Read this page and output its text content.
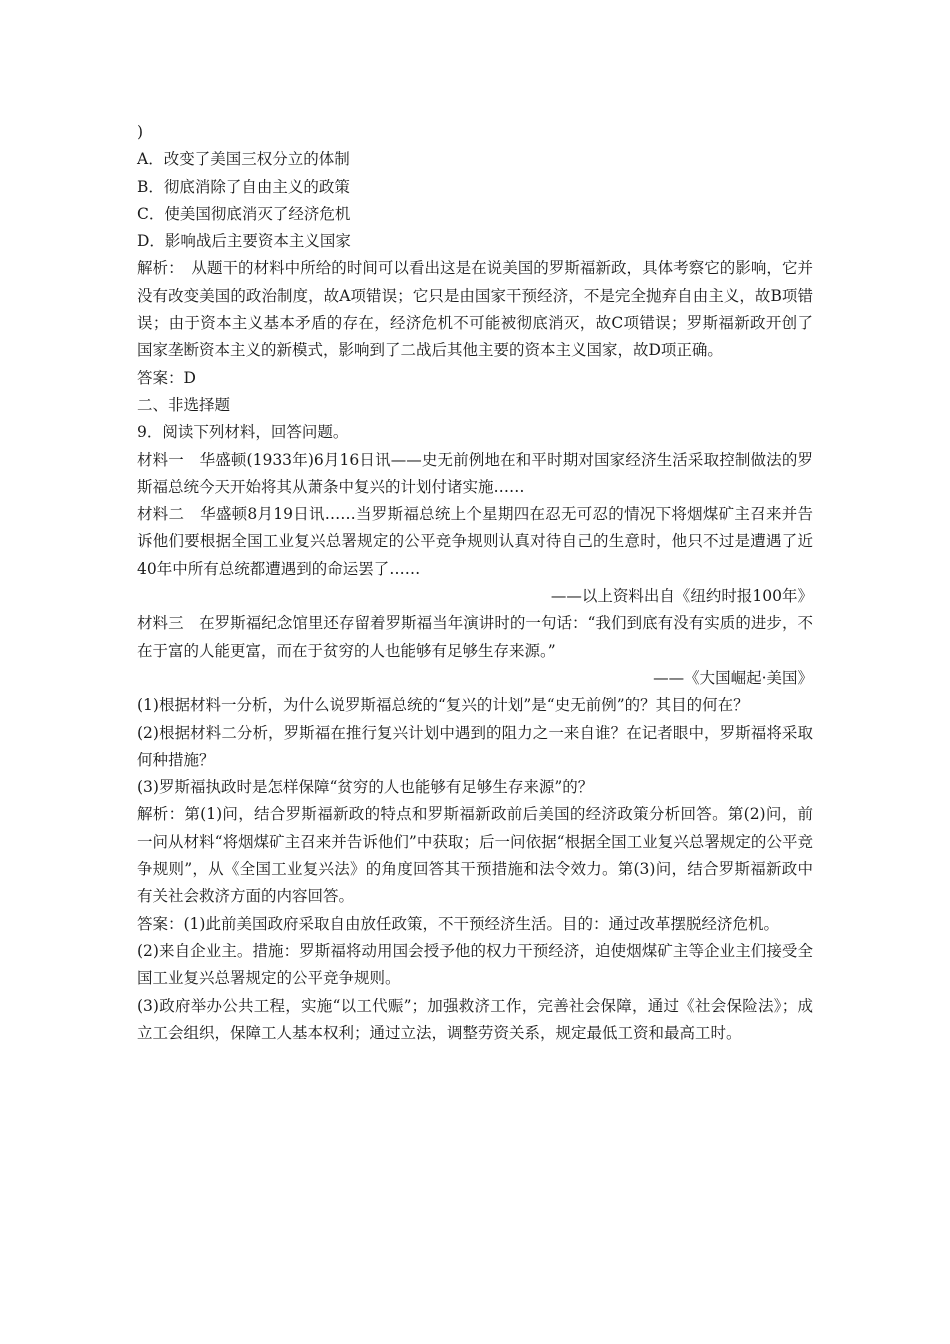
)
A．改变了美国三权分立的体制
B．彻底消除了自由主义的政策
C．使美国彻底消灭了经济危机
D．影响战后主要资本主义国家
解析：　从题干的材料中所给的时间可以看出这是在说美国的罗斯福新政，具体考察它的影响，它并没有改变美国的政治制度，故A项错误；它只是由国家干预经济，不是完全抛弃自由主义，故B项错误；由于资本主义基本矛盾的存在，经济危机不可能被彻底消灭，故C项错误；罗斯福新政开创了国家垄断资本主义的新模式，影响到了二战后其他主要的资本主义国家，故D项正确。
答案：D
二、非选择题
9．阅读下列材料，回答问题。
材料一　华盛顿(1933年)6月16日讯——史无前例地在和平时期对国家经济生活采取控制做法的罗斯福总统今天开始将其从萧条中复兴的计划付诸实施……
材料二　华盛顿8月19日讯……当罗斯福总统上个星期四在忍无可忍的情况下将烟煤矿主召来并告诉他们要根据全国工业复兴总署规定的公平竞争规则认真对待自己的生意时，他只不过是遭遇了近40年中所有总统都遭遇到的命运罢了……
——以上资料出自《纽约时报100年》
材料三　在罗斯福纪念馆里还存留着罗斯福当年演讲时的一句话：“我们到底有没有实质的进步，不在于富的人能更富，而在于贫穷的人也能够有足够生存来源。”
——《大国崛起·美国》
(1)根据材料一分析，为什么说罗斯福总统的“复兴的计划”是“史无前例”的？其目的何在？
(2)根据材料二分析，罗斯福在推行复兴计划中遇到的阻力之一来自谁？在记者眼中，罗斯福将采取何种措施？
(3)罗斯福执政时是怎样保障“贫穷的人也能够有足够生存来源”的？
解析：第(1)问，结合罗斯福新政的特点和罗斯福新政前后美国的经济政策分析回答。第(2)问，前一问从材料“将烟煤矿主召来并告诉他们”中获取；后一问依据“根据全国工业复兴总署规定的公平竞争规则”，从《全国工业复兴法》的角度回答其干预措施和法令效力。第(3)问，结合罗斯福新政中有关社会救济方面的内容回答。
答案：(1)此前美国政府采取自由放任政策，不干预经济生活。目的：通过改革摆脱经济危机。
(2)来自企业主。措施：罗斯福将动用国会授予他的权力干预经济，迫使烟煤矿主等企业主们接受全国工业复兴总署规定的公平竞争规则。
(3)政府举办公共工程，实施“以工代赈”；加强救济工作，完善社会保障，通过《社会保险法》；成立工会组织，保障工人基本权利；通过立法，调整劳资关系，规定最低工资和最高工时。
